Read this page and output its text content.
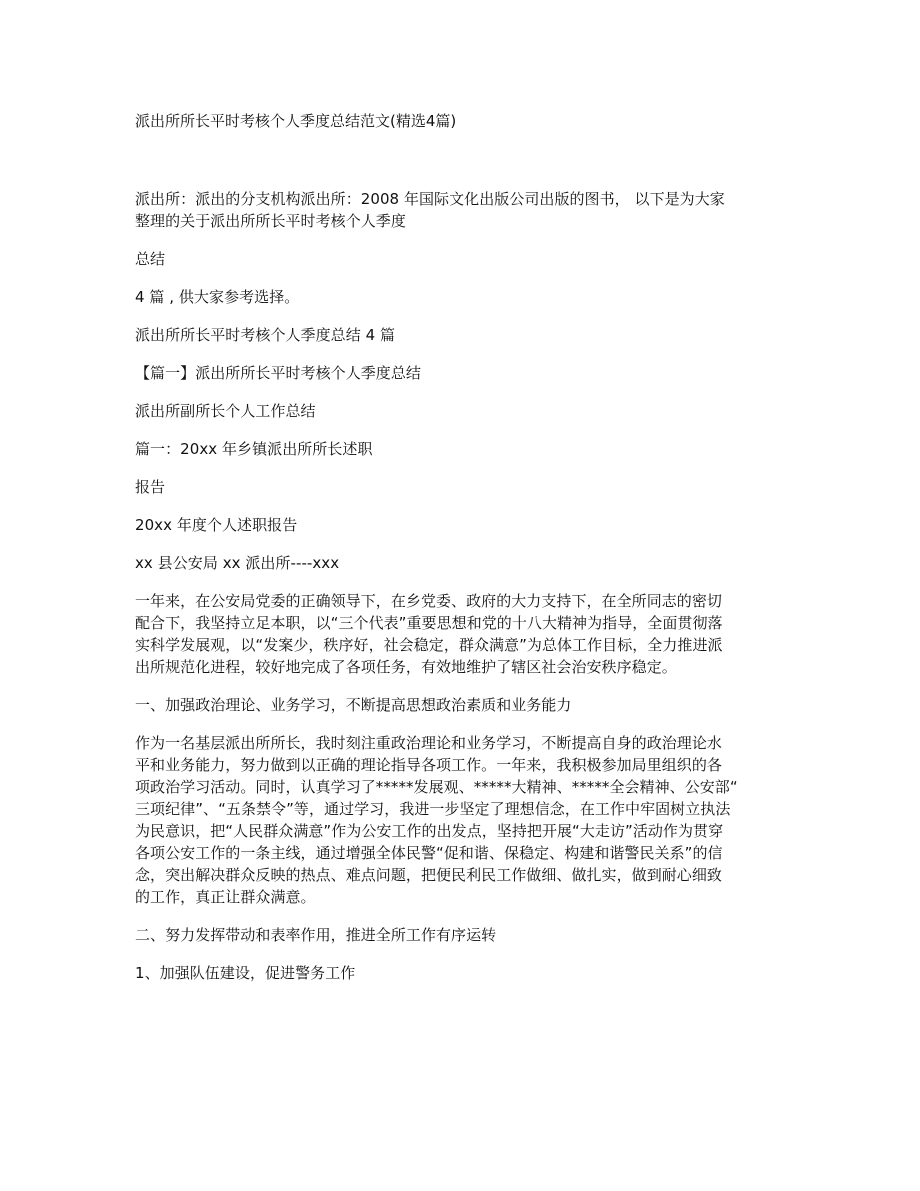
派出所所长平时考核个人季度总结范文(精选4篇)
派出所：派出的分支机构派出所：2008 年国际文化出版公司出版的图书， 以下是为大家
整理的关于派出所所长平时考核个人季度
总结
4 篇 , 供大家参考选择。
派出所所长平时考核个人季度总结 4 篇
【篇一】派出所所长平时考核个人季度总结
派出所副所长个人工作总结
篇一：20xx 年乡镇派出所所长述职
报告
20xx 年度个人述职报告
xx 县公安局 xx 派出所----xxx
一年来，在公安局党委的正确领导下，在乡党委、政府的大力支持下，在全所同志的密切
配合下，我坚持立足本职，以“三个代表”重要思想和党的十八大精神为指导，全面贯彻落
实科学发展观，以“发案少，秩序好，社会稳定，群众满意”为总体工作目标，全力推进派
出所规范化进程，较好地完成了各项任务，有效地维护了辖区社会治安秩序稳定。
一、加强政治理论、业务学习，不断提高思想政治素质和业务能力
作为一名基层派出所所长，我时刻注重政治理论和业务学习，不断提高自身的政治理论水
平和业务能力，努力做到以正确的理论指导各项工作。一年来，我积极参加局里组织的各
项政治学习活动。同时，认真学习了*****发展观、*****大精神、*****全会精神、公安部“
三项纪律”、“五条禁令”等，通过学习，我进一步坚定了理想信念，在工作中牢固树立执法
为民意识，把“人民群众满意”作为公安工作的出发点，坚持把开展“大走访”活动作为贯穿
各项公安工作的一条主线，通过增强全体民警“促和谐、保稳定、构建和谐警民关系”的信
念，突出解决群众反映的热点、难点问题，把便民利民工作做细、做扎实，做到耐心细致
的工作，真正让群众满意。
二、努力发挥带动和表率作用，推进全所工作有序运转
1、加强队伍建设，促进警务工作
